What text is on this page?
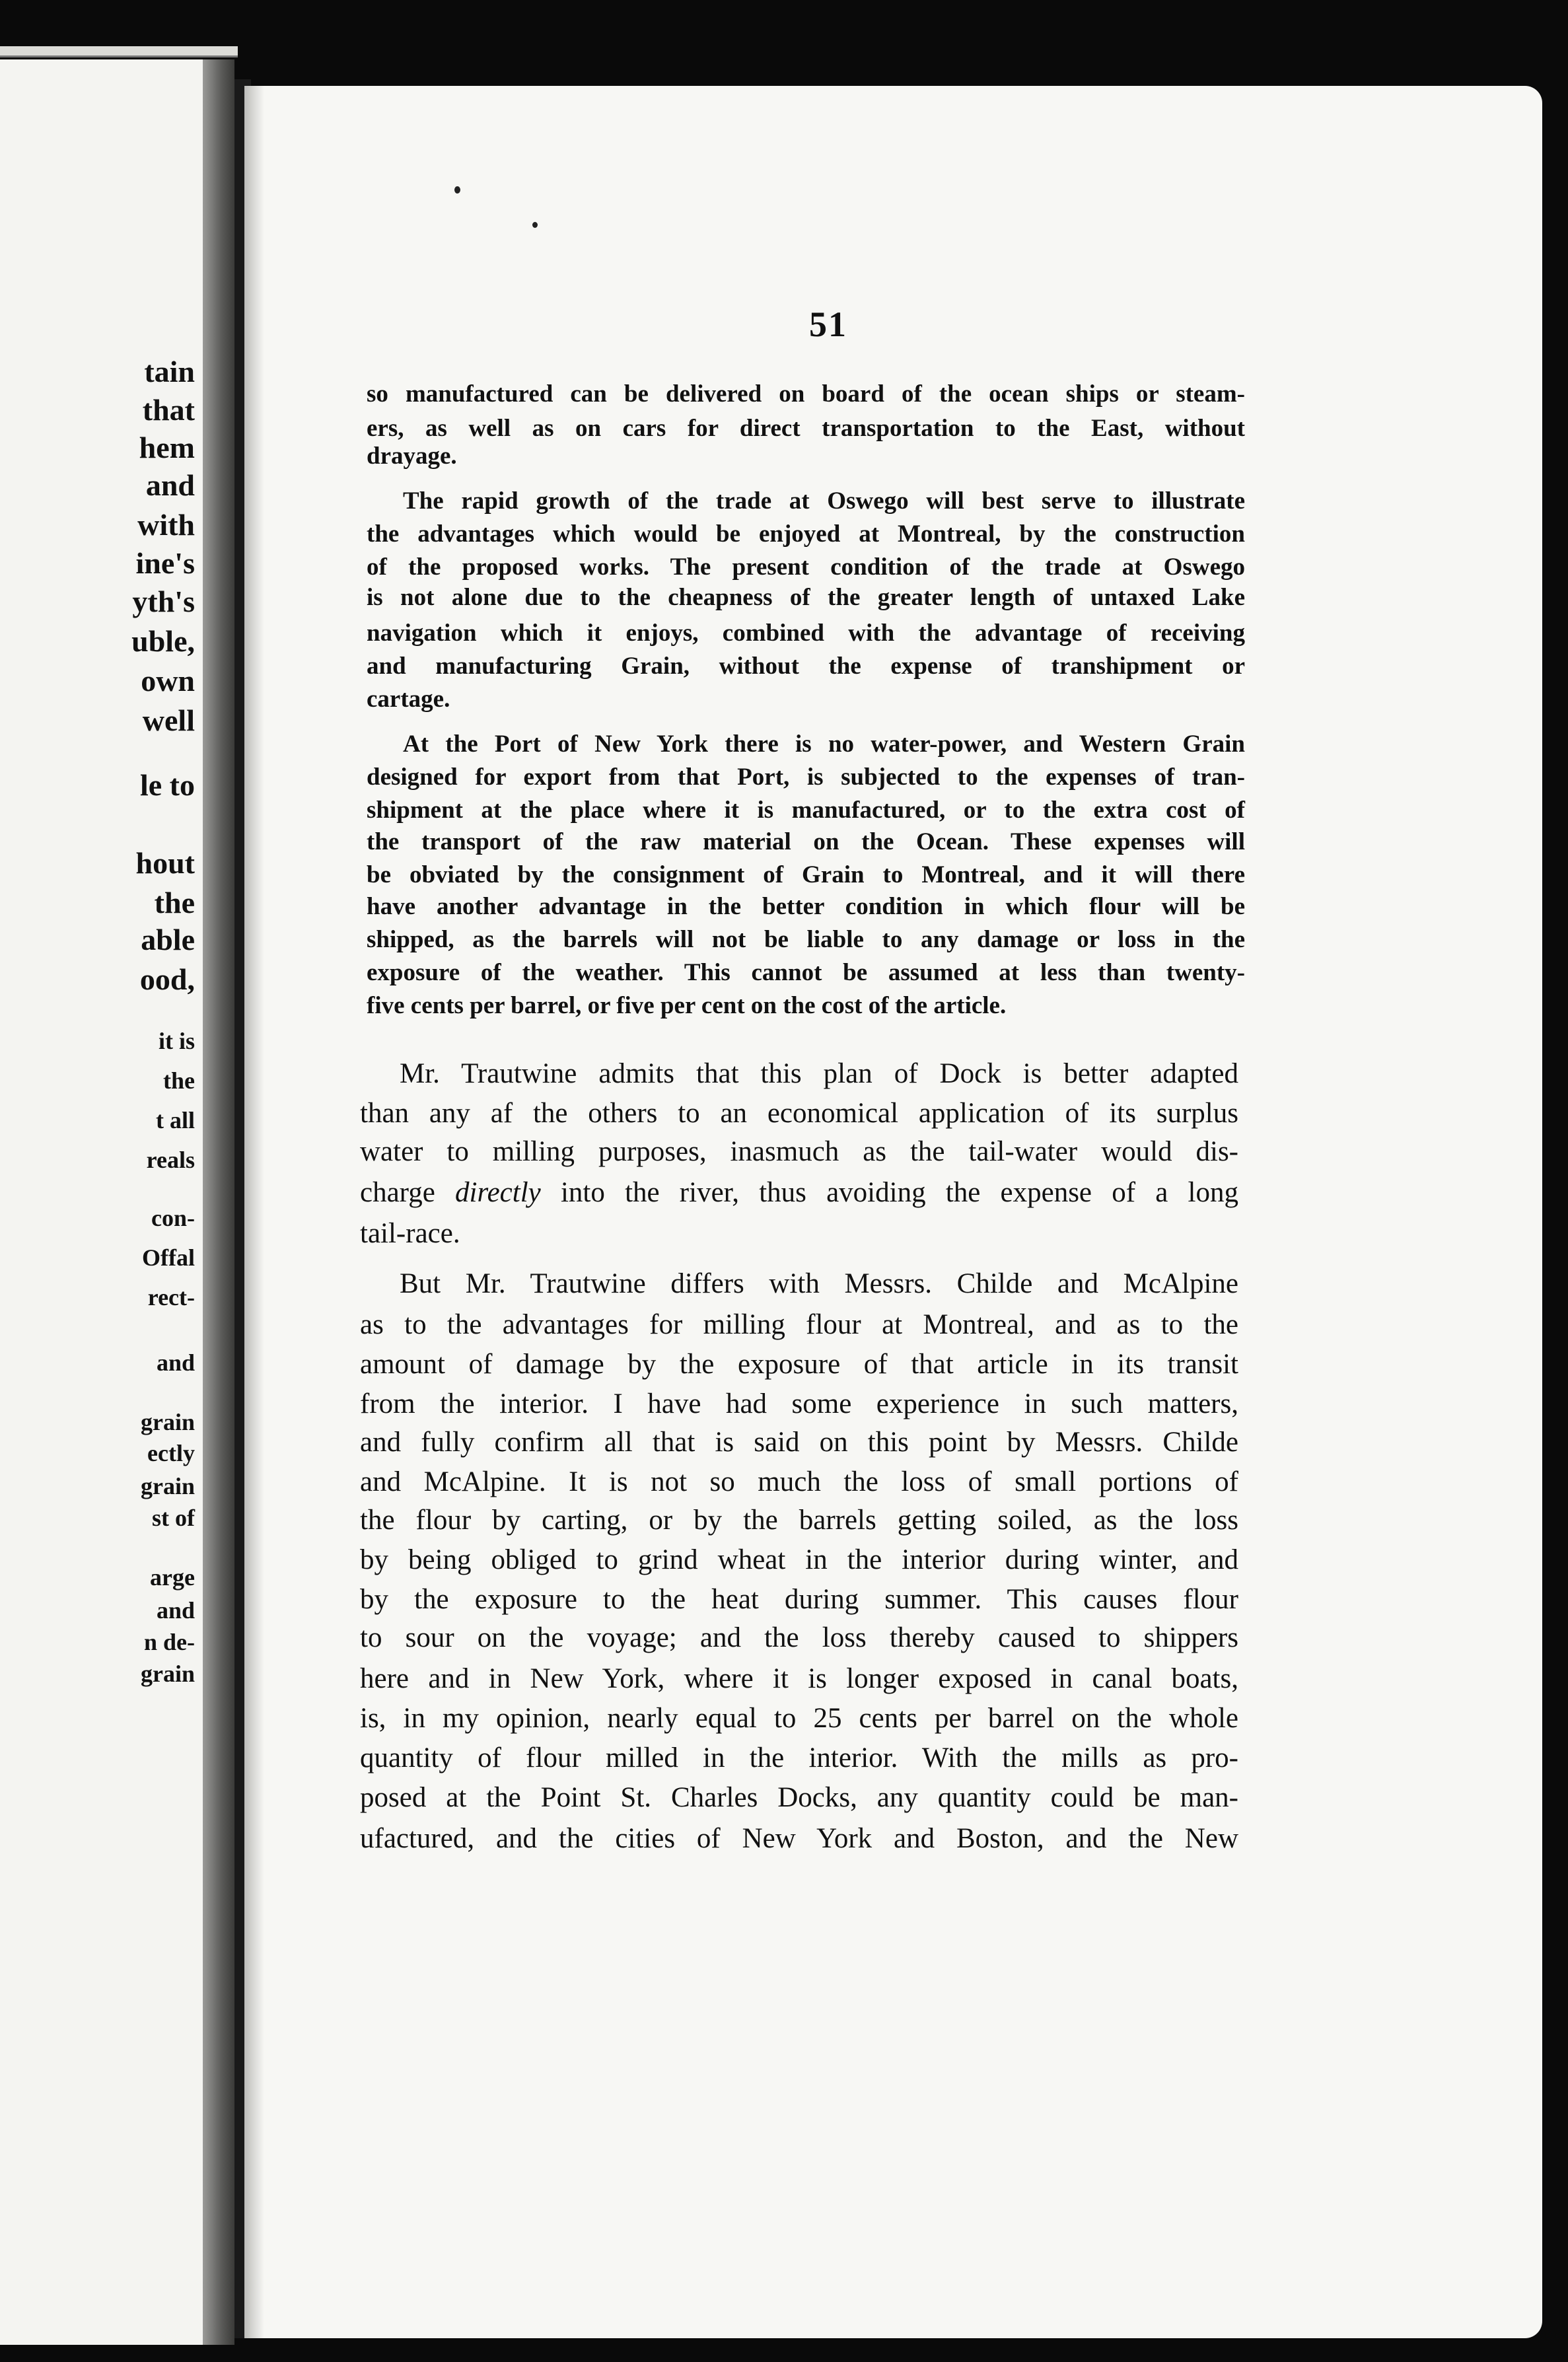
51
tain
that
hem
and
with
ine's
yth's
uble,
own
well
le to
hout
the
able
ood,
it is
the
t all
reals
con-
Offal
rect-
and
grain
ectly
grain
st of
arge
and
n de-
grain
so manufactured can be delivered on board of the ocean ships or steam-
ers, as well as on cars for direct transportation to the East, without
drayage.
The rapid growth of the trade at Oswego will best serve to illustrate
the advantages which would be enjoyed at Montreal, by the construction
of the proposed works. The present condition of the trade at Oswego
is not alone due to the cheapness of the greater length of untaxed Lake
navigation which it enjoys, combined with the advantage of receiving
and manufacturing Grain, without the expense of transhipment or
cartage.
At the Port of New York there is no water-power, and Western Grain
designed for export from that Port, is subjected to the expenses of tran-
shipment at the place where it is manufactured, or to the extra cost of
the transport of the raw material on the Ocean. These expenses will
be obviated by the consignment of Grain to Montreal, and it will there
have another advantage in the better condition in which flour will be
shipped, as the barrels will not be liable to any damage or loss in the
exposure of the weather. This cannot be assumed at less than twenty-
five cents per barrel, or five per cent on the cost of the article.
Mr. Trautwine admits that this plan of Dock is better adapted
than any af the others to an economical application of its surplus
water to milling purposes, inasmuch as the tail-water would dis-
charge directly into the river, thus avoiding the expense of a long
tail-race.
But Mr. Trautwine differs with Messrs. Childe and McAlpine
as to the advantages for milling flour at Montreal, and as to the
amount of damage by the exposure of that article in its transit
from the interior. I have had some experience in such matters,
and fully confirm all that is said on this point by Messrs. Childe
and McAlpine. It is not so much the loss of small portions of
the flour by carting, or by the barrels getting soiled, as the loss
by being obliged to grind wheat in the interior during winter, and
by the exposure to the heat during summer. This causes flour
to sour on the voyage; and the loss thereby caused to shippers
here and in New York, where it is longer exposed in canal boats,
is, in my opinion, nearly equal to 25 cents per barrel on the whole
quantity of flour milled in the interior. With the mills as pro-
posed at the Point St. Charles Docks, any quantity could be man-
ufactured, and the cities of New York and Boston, and the New
